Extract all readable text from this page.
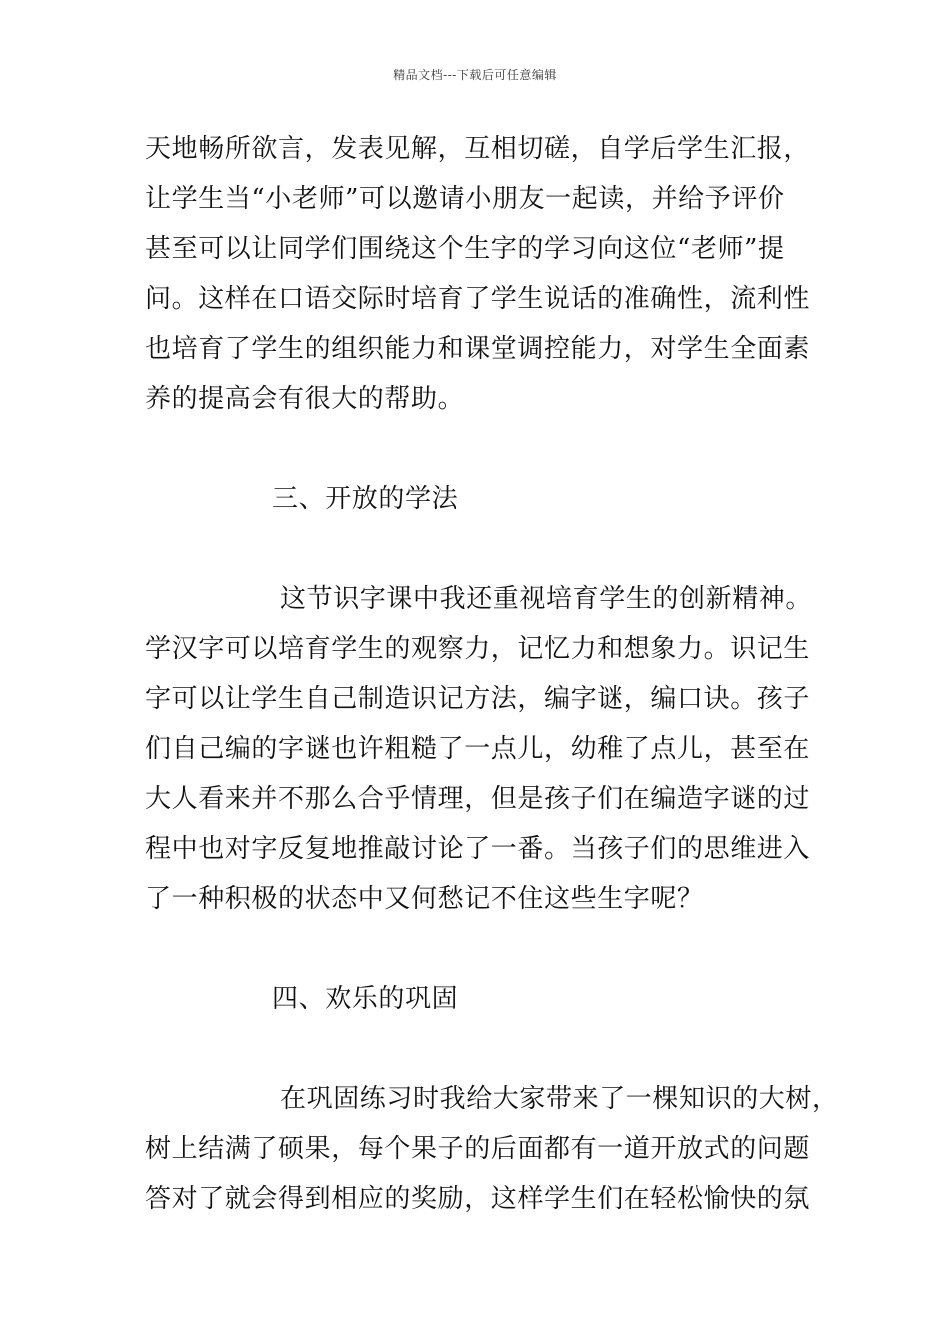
精品文档---下载后可任意编辑
天地畅所欲言，发表见解，互相切磋，自学后学生汇报，
让学生当“小老师”可以邀请小朋友一起读，并给予评价
甚至可以让同学们围绕这个生字的学习向这位“老师”提
问。这样在口语交际时培育了学生说话的准确性，流利性
也培育了学生的组织能力和课堂调控能力，对学生全面素
养的提高会有很大的帮助。
三、开放的学法
这节识字课中我还重视培育学生的创新精神。
学汉字可以培育学生的观察力，记忆力和想象力。识记生
字可以让学生自己制造识记方法，编字谜，编口诀。孩子
们自己编的字谜也许粗糙了一点儿，幼稚了点儿，甚至在
大人看来并不那么合乎情理，但是孩子们在编造字谜的过
程中也对字反复地推敲讨论了一番。当孩子们的思维进入
了一种积极的状态中又何愁记不住这些生字呢？
四、欢乐的巩固
在巩固练习时我给大家带来了一棵知识的大树，
树上结满了硕果，每个果子的后面都有一道开放式的问题
答对了就会得到相应的奖励，这样学生们在轻松愉快的氛
